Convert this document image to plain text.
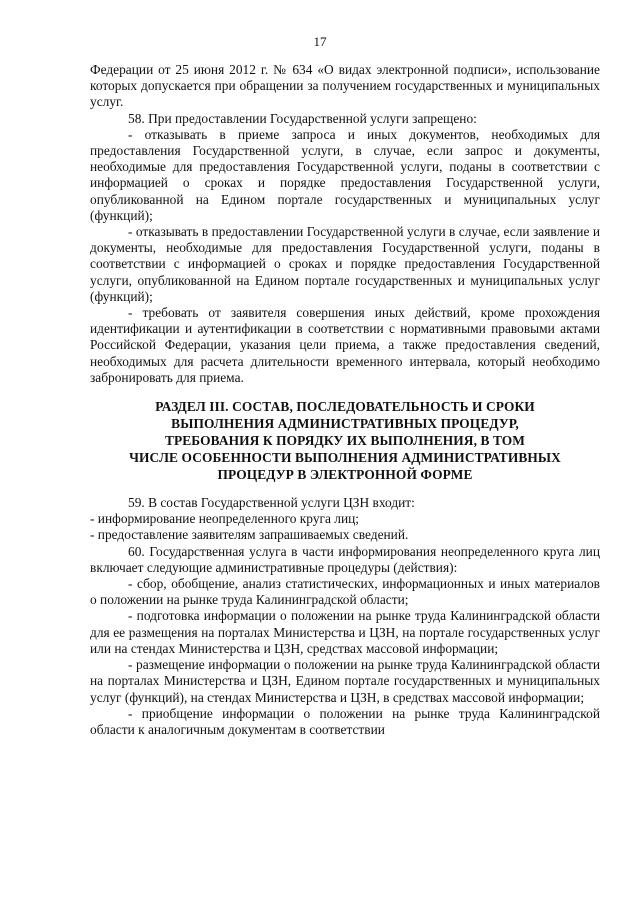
17

Федерации от 25 июня 2012 г. № 634 «О видах электронной подписи», использование которых допускается при обращении за получением государственных и муниципальных услуг.

58. При предоставлении Государственной услуги запрещено:

- отказывать в приеме запроса и иных документов, необходимых для предоставления Государственной услуги, в случае, если запрос и документы, необходимые для предоставления Государственной услуги, поданы в соответствии с информацией о сроках и порядке предоставления Государственной услуги, опубликованной на Едином портале государственных и муниципальных услуг (функций);

- отказывать в предоставлении Государственной услуги в случае, если заявление и документы, необходимые для предоставления Государственной услуги, поданы в соответствии с информацией о сроках и порядке предоставления Государственной услуги, опубликованной на Едином портале государственных и муниципальных услуг (функций);

- требовать от заявителя совершения иных действий, кроме прохождения идентификации и аутентификации в соответствии с нормативными правовыми актами Российской Федерации, указания цели приема, а также предоставления сведений, необходимых для расчета длительности временного интервала, который необходимо забронировать для приема.

РАЗДЕЛ III. СОСТАВ, ПОСЛЕДОВАТЕЛЬНОСТЬ И СРОКИ
ВЫПОЛНЕНИЯ АДМИНИСТРАТИВНЫХ ПРОЦЕДУР,
ТРЕБОВАНИЯ К ПОРЯДКУ ИХ ВЫПОЛНЕНИЯ, В ТОМ
ЧИСЛЕ ОСОБЕННОСТИ ВЫПОЛНЕНИЯ АДМИНИСТРАТИВНЫХ
ПРОЦЕДУР В ЭЛЕКТРОННОЙ ФОРМЕ

59. В состав Государственной услуги ЦЗН входит:

- информирование неопределенного круга лиц;

- предоставление заявителям запрашиваемых сведений.

60. Государственная услуга в части информирования неопределенного круга лиц включает следующие административные процедуры (действия):

- сбор, обобщение, анализ статистических, информационных и иных материалов о положении на рынке труда Калининградской области;

- подготовка информации о положении на рынке труда Калининградской области для ее размещения на порталах Министерства и ЦЗН, на портале государственных услуг или на стендах Министерства и ЦЗН, средствах массовой информации;

- размещение информации о положении на рынке труда Калининградской области на порталах Министерства и ЦЗН, Едином портале государственных и муниципальных услуг (функций), на стендах Министерства и ЦЗН, в средствах массовой информации;

- приобщение информации о положении на рынке труда Калининградской области к аналогичным документам в соответствии
